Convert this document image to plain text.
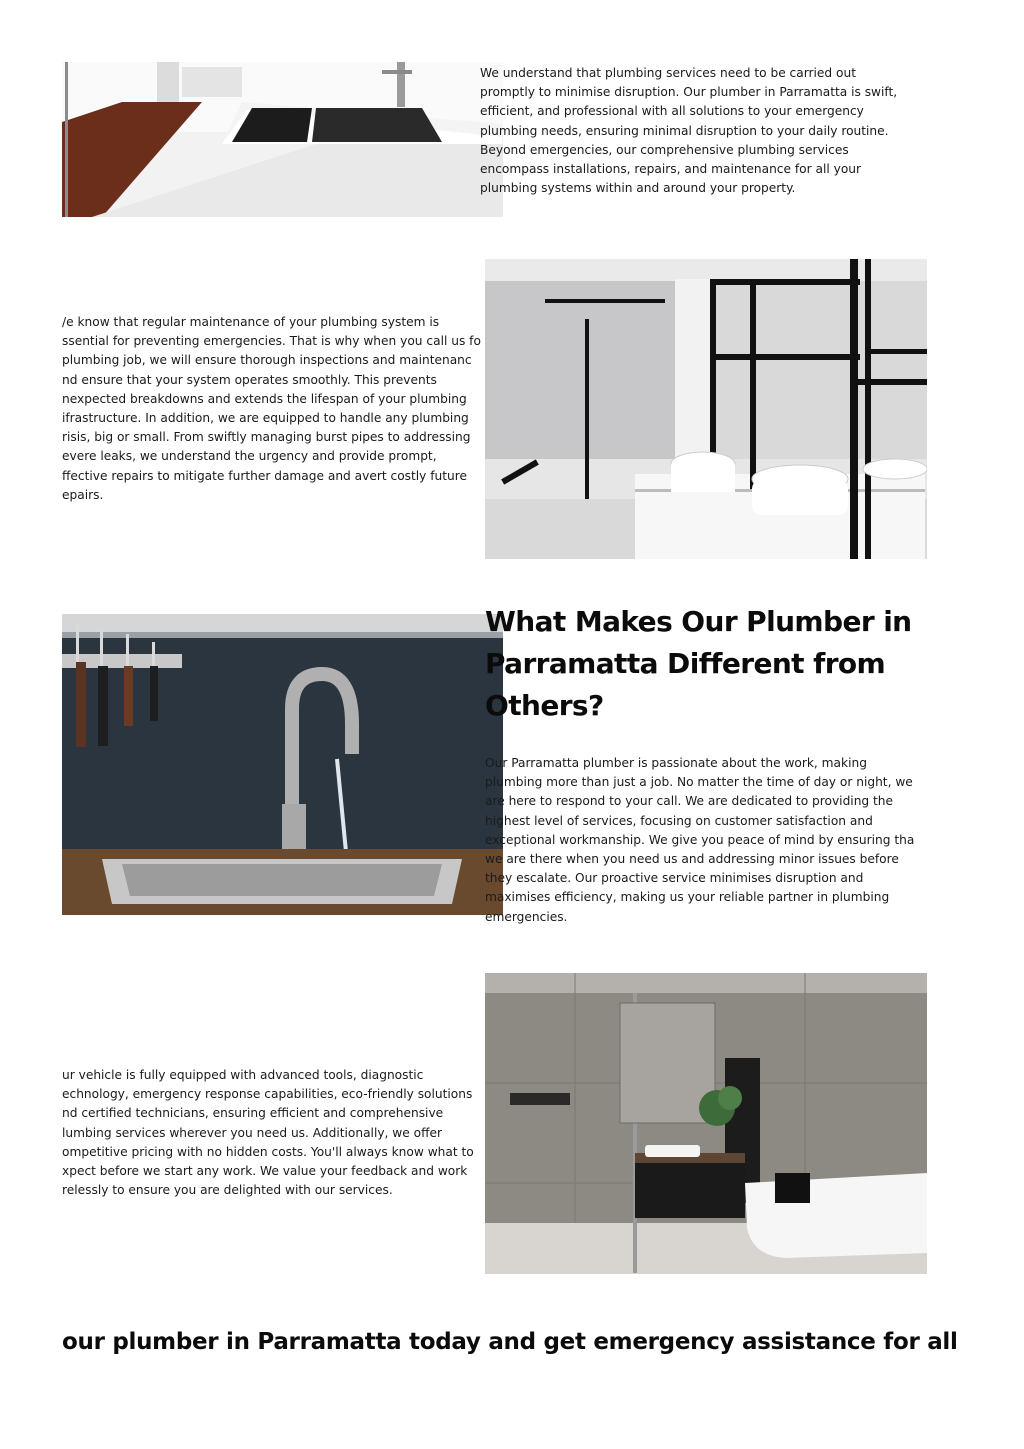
We understand that plumbing services need to be carried out

promptly to minimise disruption. Our plumber in Parramatta is swift,

efficient, and professional with all solutions to your emergency

plumbing needs, ensuring minimal disruption to your daily routine.

Beyond emergencies, our comprehensive plumbing services

encompass installations, repairs, and maintenance for all your

plumbing systems within and around your property.

/e know that regular maintenance of your plumbing system is

ssential for preventing emergencies. That is why when you call us fo

plumbing job, we will ensure thorough inspections and maintenanc

nd ensure that your system operates smoothly. This prevents

nexpected breakdowns and extends the lifespan of your plumbing

ifrastructure. In addition, we are equipped to handle any plumbing

risis, big or small. From swiftly managing burst pipes to addressing

evere leaks, we understand the urgency and provide prompt,

ffective repairs to mitigate further damage and avert costly future

epairs.

What Makes Our Plumber in
Parramatta Different from
Others?

Our Parramatta plumber is passionate about the work, making

plumbing more than just a job. No matter the time of day or night, we

are here to respond to your call. We are dedicated to providing the

highest level of services, focusing on customer satisfaction and

exceptional workmanship. We give you peace of mind by ensuring tha

we are there when you need us and addressing minor issues before

they escalate. Our proactive service minimises disruption and

maximises efficiency, making us your reliable partner in plumbing

emergencies.

ur vehicle is fully equipped with advanced tools, diagnostic

echnology, emergency response capabilities, eco-friendly solutions

nd certified technicians, ensuring efficient and comprehensive

lumbing services wherever you need us. Additionally, we offer

ompetitive pricing with no hidden costs. You'll always know what to

xpect before we start any work. We value your feedback and work

relessly to ensure you are delighted with our services.

our plumber in Parramatta today and get emergency assistance for all
